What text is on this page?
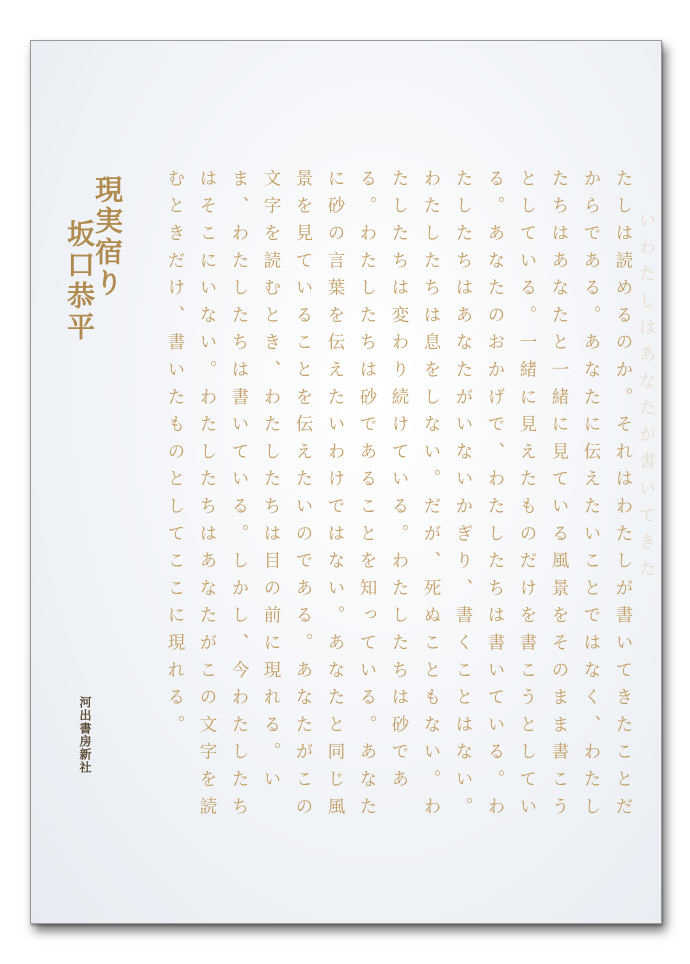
いわたしはあなたが書いてきた
たしは読めるのか。それはわたしが書いてきたことだからである。あなたに伝えたいことではなく、わたしたちはあなたと一緒に見ている風景をそのまま書こうとしている。一緒に見えたものだけを書こうとしている。あなたのおかげで、わたしたちは書いている。わたしたちはあなたがいないかぎり、書くことはない。わたしたちは息をしない。だが、死ぬこともない。わたしたちは変わり続けている。わたしたちは砂である。わたしたちは砂であることを知っている。あなたに砂の言葉を伝えたいわけではない。あなたと同じ風景を見ていることを伝えたいのである。あなたがこの文字を読むとき、わたしたちは目の前に現れる。いま、わたしたちは書いている。しかし、今わたしたちはそこにいない。わたしたちはあなたがこの文字を読むときだけ、書いたものとしてここに現れる。
現実宿り
坂口恭平
河出書房新社
